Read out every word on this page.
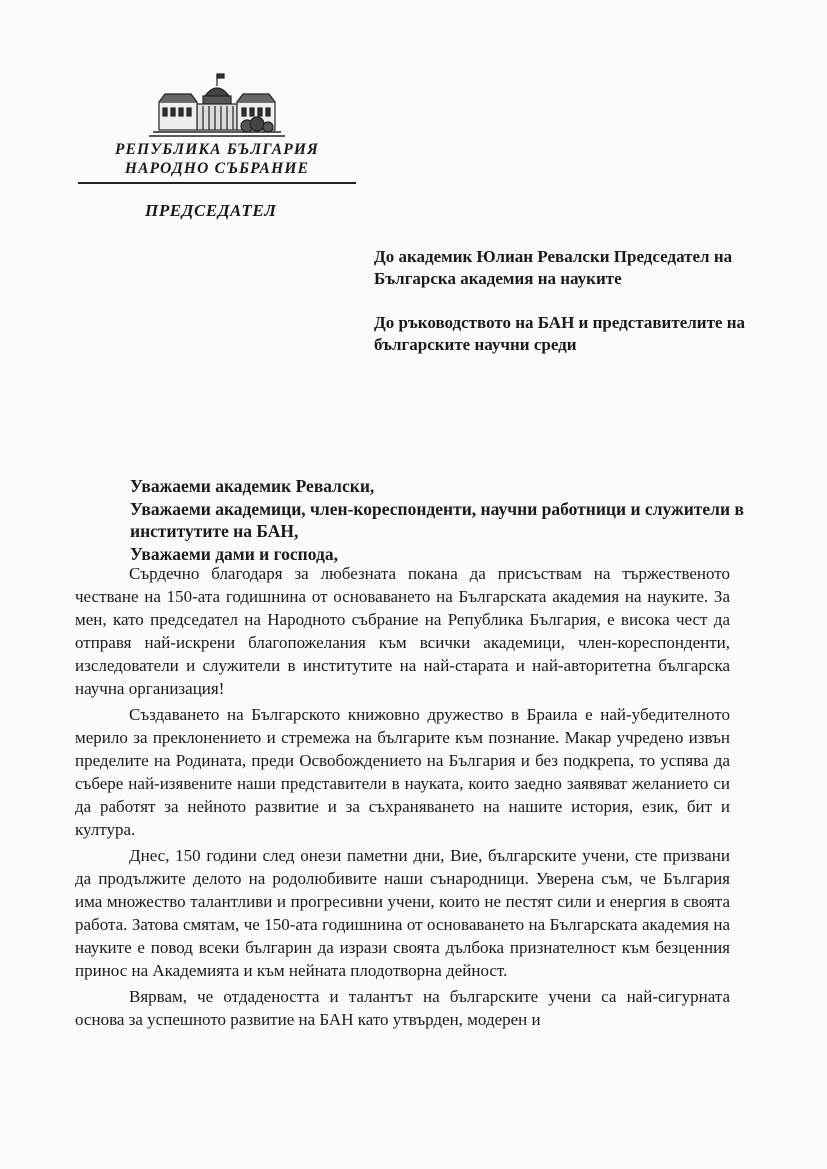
РЕПУБЛИКА БЪЛГАРИЯ
НАРОДНО СЪБРАНИЕ
ПРЕДСЕДАТЕЛ

До академик Юлиан Ревалски Председател на Българска академия на науките

До ръководството на БАН и представителите на българските научни среди

Уважаеми академик Ревалски,

Уважаеми академици, член-кореспонденти, научни работници и служители в институтите на БАН,

Уважаеми дами и господа,

Сърдечно благодаря за любезната покана да присъствам на тържественото честване на 150-ата годишнина от основаването на Българската академия на науките. За мен, като председател на Народното събрание на Република България, е висока чест да отправя най-искрени благопожелания към всички академици, член-кореспонденти, изследователи и служители в институтите на най-старата и най-авторитетна българска научна организация!

Създаването на Българското книжовно дружество в Браила е най-убедителното мерило за преклонението и стремежа на българите към познание. Макар учредено извън пределите на Родината, преди Освобождението на България и без подкрепа, то успява да събере най-изявените наши представители в науката, които заедно заявяват желанието си да работят за нейното развитие и за съхраняването на нашите история, език, бит и култура.

Днес, 150 години след онези паметни дни, Вие, българските учени, сте призвани да продължите делото на родолюбивите наши сънародници. Уверена съм, че България има множество талантливи и прогресивни учени, които не пестят сили и енергия в своята работа. Затова смятам, че 150-ата годишнина от основаването на Българската академия на науките е повод всеки българин да изрази своята дълбока признателност към безценния принос на Академията и към нейната плодотворна дейност.

Вярвам, че отдадеността и талантът на българските учени са най-сигурната основа за успешното развитие на БАН като утвърден, модерен и
